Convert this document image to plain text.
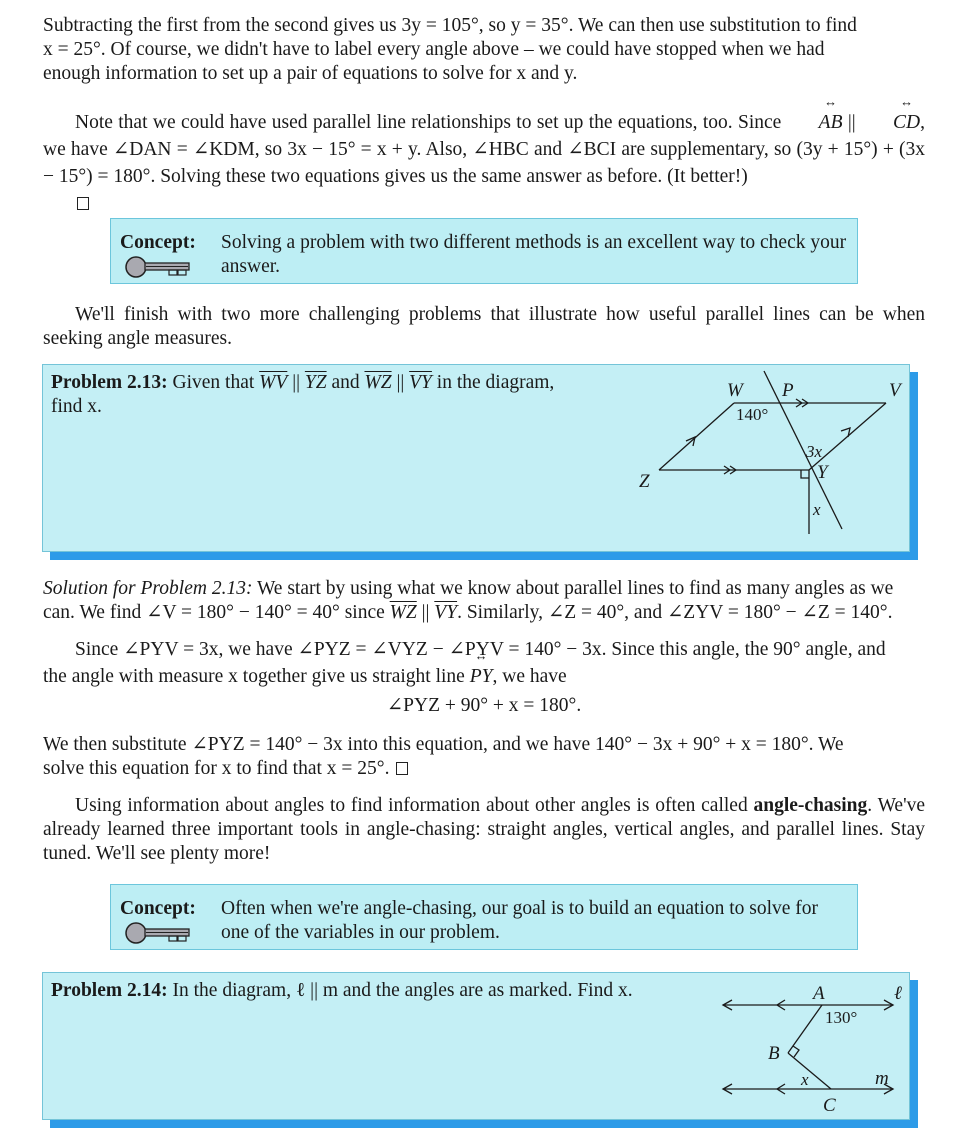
Subtracting the first from the second gives us 3y = 105°, so y = 35°. We can then use substitution to find
x = 25°. Of course, we didn't have to label every angle above – we could have stopped when we had
enough information to set up a pair of equations to solve for x and y.
Note that we could have used parallel line relationships to set up the equations, too. Since ↔ AB || ↔ CD, we have ∠DAN = ∠KDM, so 3x − 15° = x + y. Also, ∠HBC and ∠BCI are supplementary, so (3y + 15°) + (3x − 15°) = 180°. Solving these two equations gives us the same answer as before. (It better!)
Concept: Solving a problem with two different methods is an excellent way to check your answer.
We'll finish with two more challenging problems that illustrate how useful parallel lines can be when seeking angle measures.
Problem 2.13: Given that $\overline{WV}$ || $\overline{YZ}$ and $\overline{WZ}$ || $\overline{VY}$ in the diagram,
find x.
W P	V
Z	Y
140°
3x
x
Solution for Problem 2.13: We start by using what we know about parallel lines to find as many angles as we
can. We find ∠V = 180° − 140° = 40° since $\overline{WZ}$ || $\overline{VY}$. Similarly, ∠Z = 40°, and ∠ZYV = 180° − ∠Z = 140°.
Since ∠PYV = 3x, we have ∠PYZ = ∠VYZ − ∠PYV = 140° − 3x. Since this angle, the 90° angle, and
the angle with measure x together give us straight line ↔ PY, we have
∠PYZ + 90° + x = 180°.
We then substitute ∠PYZ = 140° − 3x into this equation, and we have 140° − 3x + 90° + x = 180°. We
solve this equation for x to find that x = 25°.
Using information about angles to find information about other angles is often called angle-chasing. We've already learned three important tools in angle-chasing: straight angles, vertical angles, and parallel lines. Stay tuned. We'll see plenty more!
Concept: Often when we're angle-chasing, our goal is to build an equation to solve for one of the variables in our problem.
Problem 2.14: In the diagram, ℓ || m and the angles are as marked. Find x.	A
B
C
ℓ
m
130°
x
